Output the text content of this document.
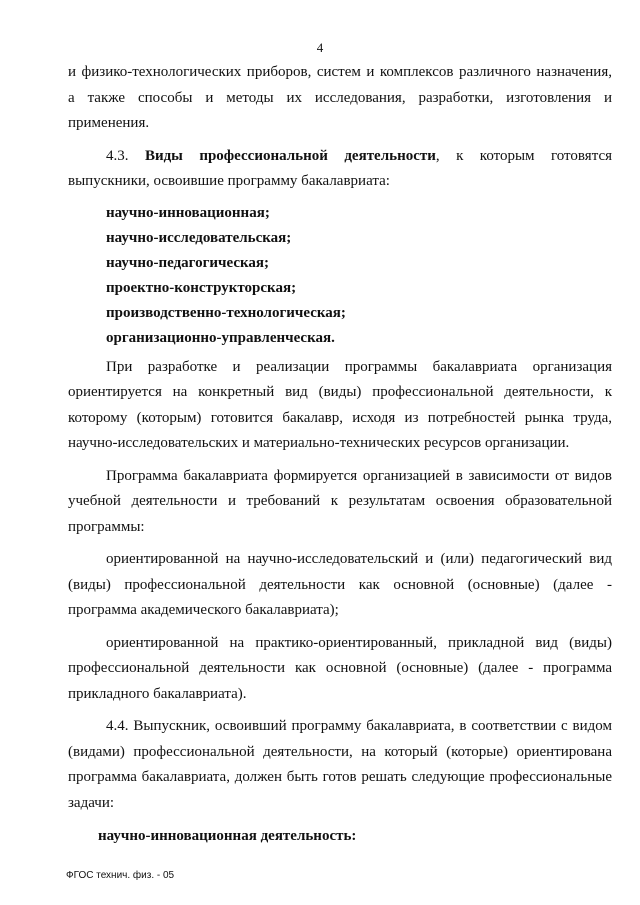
4

и физико-технологических приборов, систем и комплексов различного назначения,

а также способы и методы их исследования, разработки, изготовления и

применения.

4.3. Виды профессиональной деятельности, к которым готовятся выпускники, освоившие программу бакалавриата:

научно-инновационная;
научно-исследовательская;
научно-педагогическая;
проектно-конструкторская;
производственно-технологическая;
организационно-управленческая.

При разработке и реализации программы бакалавриата организация ориентируется на конкретный вид (виды) профессиональной деятельности, к которому (которым) готовится бакалавр, исходя из потребностей рынка труда, научно-исследовательских и материально-технических ресурсов организации.

Программа бакалавриата формируется организацией в зависимости от видов учебной деятельности и требований к результатам освоения образовательной программы:

ориентированной на научно-исследовательский и (или) педагогический вид (виды) профессиональной деятельности как основной (основные) (далее - программа академического бакалавриата);

ориентированной на практико-ориентированный, прикладной вид (виды) профессиональной деятельности как основной (основные) (далее - программа прикладного бакалавриата).

4.4. Выпускник, освоивший программу бакалавриата, в соответствии с видом (видами) профессиональной деятельности, на который (которые) ориентирована программа бакалавриата, должен быть готов решать следующие профессиональные задачи:

научно-инновационная деятельность:

ФГОС технич. физ. - 05
